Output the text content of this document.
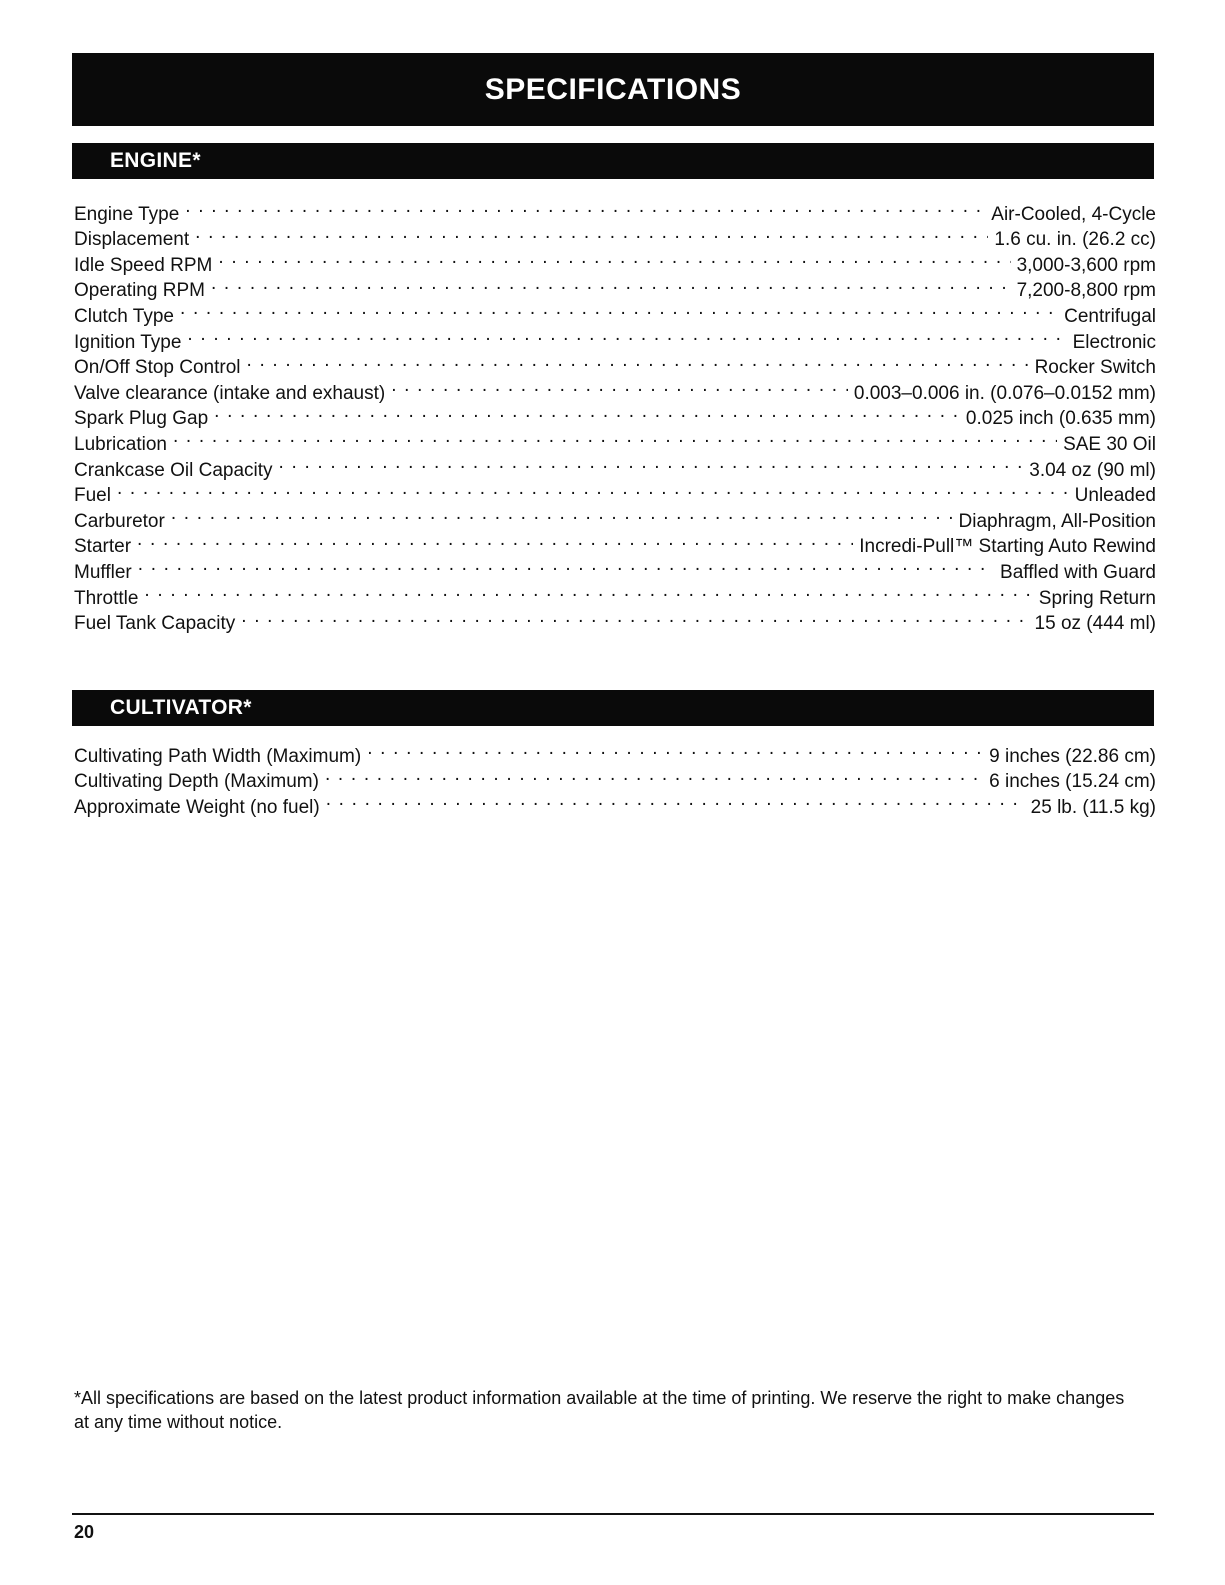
SPECIFICATIONS
ENGINE*
Engine Type . . .	Air-Cooled, 4-Cycle
Displacement . . .	1.6 cu. in. (26.2 cc)
Idle Speed RPM . . .	3,000-3,600 rpm
Operating RPM . . .	7,200-8,800 rpm
Clutch Type . . .	Centrifugal
Ignition Type . . .	Electronic
On/Off Stop Control . . .	Rocker Switch
Valve clearance (intake and exhaust) . . .	0.003–0.006 in. (0.076–0.0152 mm)
Spark Plug Gap . . .	0.025 inch (0.635 mm)
Lubrication . . .	SAE 30 Oil
Crankcase Oil Capacity . . .	3.04 oz (90 ml)
Fuel . . .	Unleaded
Carburetor . . .	Diaphragm, All-Position
Starter . . .	Incredi-Pull™ Starting Auto Rewind
Muffler . . .	Baffled with Guard
Throttle . . .	Spring Return
Fuel Tank Capacity . . .	15 oz (444 ml)
CULTIVATOR*
Cultivating Path Width (Maximum) . . .	9 inches (22.86 cm)
Cultivating Depth (Maximum) . . .	6 inches (15.24 cm)
Approximate Weight (no fuel) . . .	25 lb. (11.5 kg)

*All specifications are based on the latest product information available at the time of printing. We reserve the right to make changes at any time without notice.

20
